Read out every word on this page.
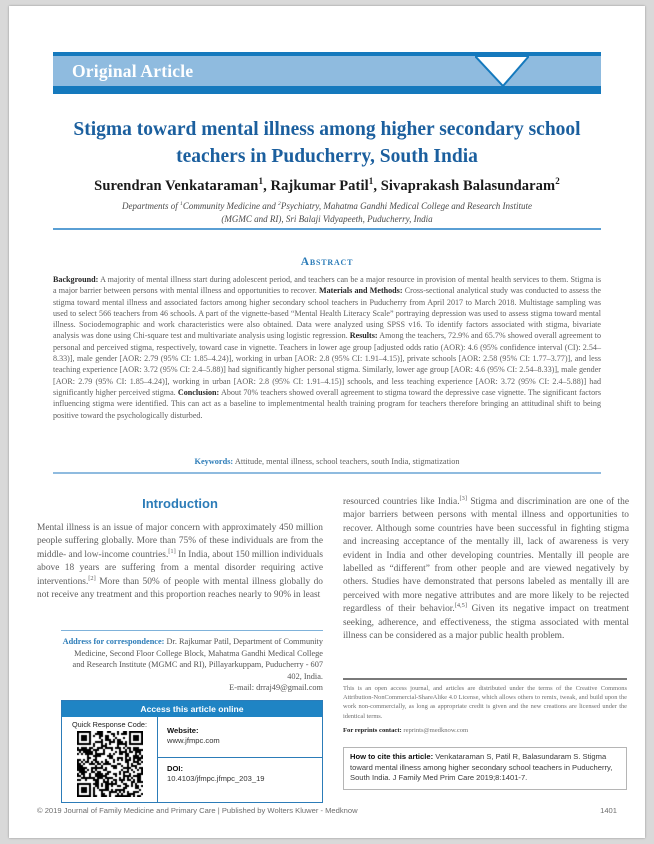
Original Article
Stigma toward mental illness among higher secondary school teachers in Puducherry, South India
Surendran Venkataraman$^1$, Rajkumar Patil$^1$, Sivaprakash Balasundaram$^2$
Departments of $^1$Community Medicine and $^2$Psychiatry, Mahatma Gandhi Medical College and Research Institute
(MGMC and RI), Sri Balaji Vidyapeeth, Puducherry, India
Abstract
Background: A majority of mental illness start during adolescent period, and teachers can be a major resource in provision of mental health services to them. Stigma is a major barrier between persons with mental illness and opportunities to recover. Materials and Methods: Cross-sectional analytical study was conducted to assess the stigma toward mental illness and associated factors among higher secondary school teachers in Puducherry from April 2017 to March 2018. Multistage sampling was used to select 566 teachers from 46 schools. A part of the vignette-based “Mental Health Literacy Scale” portraying depression was used to assess stigma toward mental illness. Sociodemographic and work characteristics were also obtained. Data were analyzed using SPSS v16. To identify factors associated with stigma, bivariate analysis was done using Chi-square test and multivariate analysis using logistic regression. Results: Among the teachers, 72.9% and 65.7% showed overall agreement to personal and perceived stigma, respectively, toward case in vignette. Teachers in lower age group [adjusted odds ratio (AOR): 4.6 (95% confidence interval (CI): 2.54–8.33)], male gender [AOR: 2.79 (95% CI: 1.85–4.24)], working in urban [AOR: 2.8 (95% CI: 1.91–4.15)], private schools [AOR: 2.58 (95% CI: 1.77–3.77)], and less teaching experience [AOR: 3.72 (95% CI: 2.4–5.88)] had significantly higher personal stigma. Similarly, lower age group [AOR: 4.6 (95% CI: 2.54–8.33)], male gender [AOR: 2.79 (95% CI: 1.85–4.24)], working in urban [AOR: 2.8 (95% CI: 1.91–4.15)] schools, and less teaching experience [AOR: 3.72 (95% CI: 2.4–5.88)] had significantly higher perceived stigma. Conclusion: About 70% teachers showed overall agreement to stigma toward the depressive case vignette. The significant factors influencing stigma were identified. This can act as a baseline to implementmental health training program for teachers therefore bringing an attitudinal shift to being positive toward the psychologically disturbed.
Keywords: Attitude, mental illness, school teachers, south India, stigmatization
Introduction

Mental illness is an issue of major concern with approximately 450 million people suffering globally. More than 75% of these individuals are from the middle- and low-income countries.[1] In India, about 150 million individuals above 18 years are suffering from a mental disorder requiring active interventions.[2] More than 50% of people with mental illness globally do not receive any treatment and this proportion reaches nearly to 90% in least

resourced countries like India.[3] Stigma and discrimination are one of the major barriers between persons with mental illness and opportunities to recover. Although some countries have been successful in fighting stigma and increasing acceptance of the mentally ill, lack of awareness is very evident in India and other developing countries. Mentally ill people are labelled as “different” from other people and are viewed negatively by others. Studies have demonstrated that persons labeled as mentally ill are perceived with more negative attributes and are more likely to be rejected regardless of their behavior.[4,5] Given its negative impact on treatment seeking, adherence, and effectiveness, the stigma associated with mental illness can be considered as a major public health problem.

Address for correspondence: Dr. Rajkumar Patil, Department of Community Medicine, Second Floor College Block, Mahatma Gandhi Medical College and Research Institute (MGMC and RI), Pillayarkuppam, Puducherry - 607 402, India.
E-mail: drraj49@gmail.com
Access this article online
Quick Response Code:
Website:
www.jfmpc.com
DOI:
10.4103/jfmpc.jfmpc_203_19
This is an open access journal, and articles are distributed under the terms of the Creative Commons Attribution-NonCommercial-ShareAlike 4.0 License, which allows others to remix, tweak, and build upon the work non-commercially, as long as appropriate credit is given and the new creations are licensed under the identical terms.
For reprints contact: reprints@medknow.com
How to cite this article: Venkataraman S, Patil R, Balasundaram S. Stigma toward mental illness among higher secondary school teachers in Puducherry, South India. J Family Med Prim Care 2019;8:1401-7.
© 2019 Journal of Family Medicine and Primary Care | Published by Wolters Kluwer - Medknow	1401
